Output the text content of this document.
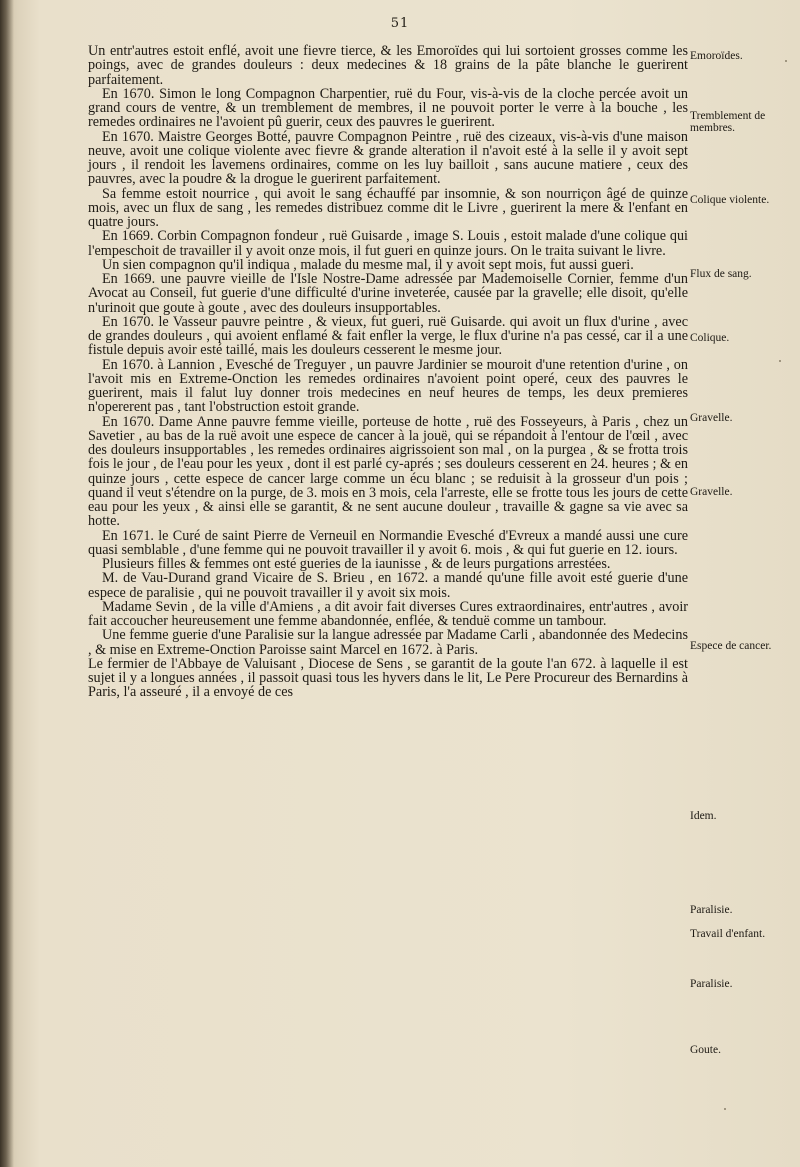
51

Un entr'autres estoit enflé, avoit une fievre tierce, & les Emoroïdes qui lui sortoient grosses comme les poings, avec de grandes douleurs : deux medecines & 18 grains de la pâte blanche le guerirent parfaitement.

En 1670. Simon le long Compagnon Charpentier, ruë du Four, vis-à-vis de la cloche percée avoit un grand cours de ventre, & un tremblement de membres, il ne pouvoit porter le verre à la bouche , les remedes ordinaires ne l'avoient pû guerir, ceux des pauvres le guerirent.

En 1670. Maistre Georges Botté, pauvre Compagnon Peintre , ruë des cizeaux, vis-à-vis d'une maison neuve, avoit une colique violente avec fievre & grande alteration il n'avoit esté à la selle il y avoit sept jours , il rendoit les lavemens ordinaires, comme on les luy bailloit , sans aucune matiere , ceux des pauvres, avec la poudre & la drogue le guerirent parfaitement.

Sa femme estoit nourrice , qui avoit le sang échauffé par insomnie, & son nourriçon âgé de quinze mois, avec un flux de sang , les remedes distribuez comme dit le Livre , guerirent la mere & l'enfant en quatre jours.

En 1669. Corbin Compagnon fondeur , ruë Guisarde , image S. Louis , estoit malade d'une colique qui l'empeschoit de travailler il y avoit onze mois, il fut gueri en quinze jours. On le traita suivant le livre.

Un sien compagnon qu'il indiqua , malade du mesme mal, il y avoit sept mois, fut aussi gueri.

En 1669. une pauvre vieille de l'Isle Nostre-Dame adressée par Mademoiselle Cornier, femme d'un Avocat au Conseil, fut guerie d'une difficulté d'urine inveterée, causée par la gravelle; elle disoit, qu'elle n'urinoit que goute à goute , avec des douleurs insupportables.

En 1670. le Vasseur pauvre peintre , & vieux, fut gueri, ruë Guisarde. qui avoit un flux d'urine , avec de grandes douleurs , qui avoient enflamé & fait enfler la verge, le flux d'urine n'a pas cessé, car il a une fistule depuis avoir esté taillé, mais les douleurs cesserent le mesme jour.

En 1670. à Lannion , Evesché de Treguyer , un pauvre Jardinier se mouroit d'une retention d'urine , on l'avoit mis en Extreme-Onction les remedes ordinaires n'avoient point operé, ceux des pauvres le guerirent, mais il falut luy donner trois medecines en neuf heures de temps, les deux premieres n'opererent pas , tant l'obstruction estoit grande.

En 1670. Dame Anne pauvre femme vieille, porteuse de hotte , ruë des Fosseyeurs, à Paris , chez un Savetier , au bas de la ruë avoit une espece de cancer à la jouë, qui se répandoit à l'entour de l'œil , avec des douleurs insupportables , les remedes ordinaires aigrissoient son mal , on la purgea , & se frotta trois fois le jour , de l'eau pour les yeux , dont il est parlé cy-aprés ; ses douleurs cesserent en 24. heures ; & en quinze jours , cette espece de cancer large comme un écu blanc ; se reduisit à la grosseur d'un pois ; quand il veut s'étendre on la purge, de 3. mois en 3 mois, cela l'arreste, elle se frotte tous les jours de cette eau pour les yeux , & ainsi elle se garantit, & ne sent aucune douleur , travaille & gagne sa vie avec sa hotte.

En 1671. le Curé de saint Pierre de Verneuil en Normandie Evesché d'Evreux a mandé aussi une cure quasi semblable , d'une femme qui ne pouvoit travailler il y avoit 6. mois , & qui fut guerie en 12. iours.

Plusieurs filles & femmes ont esté gueries de la iaunisse , & de leurs purgations arrestées.

M. de Vau-Durand grand Vicaire de S. Brieu , en 1672. a mandé qu'une fille avoit esté guerie d'une espece de paralisie , qui ne pouvoit travailler il y avoit six mois.

Madame Sevin , de la ville d'Amiens , a dit avoir fait diverses Cures extraordinaires, entr'autres , avoir fait accoucher heureusement une femme abandonnée, enflée, & tenduë comme un tambour.

Une femme guerie d'une Paralisie sur la langue adressée par Madame Carli , abandonnée des Medecins , & mise en Extreme-Onction Paroisse saint Marcel en 1672. à Paris.

Le fermier de l'Abbaye de Valuisant , Diocese de Sens , se garantit de la goute l'an 672. à laquelle il est sujet il y a longues années , il passoit quasi tous les hyvers dans le lit, Le Pere Procureur des Bernardins à Paris, l'a asseuré , il a envoyé de ces

Emoroïdes.
Tremblement de membres.
Colique violente.
Flux de sang.
Colique.
Gravelle.
Gravelle.
Espece de cancer.
Idem.
Paralisie.
Travail d'enfant.
Paralisie.
Goute.
